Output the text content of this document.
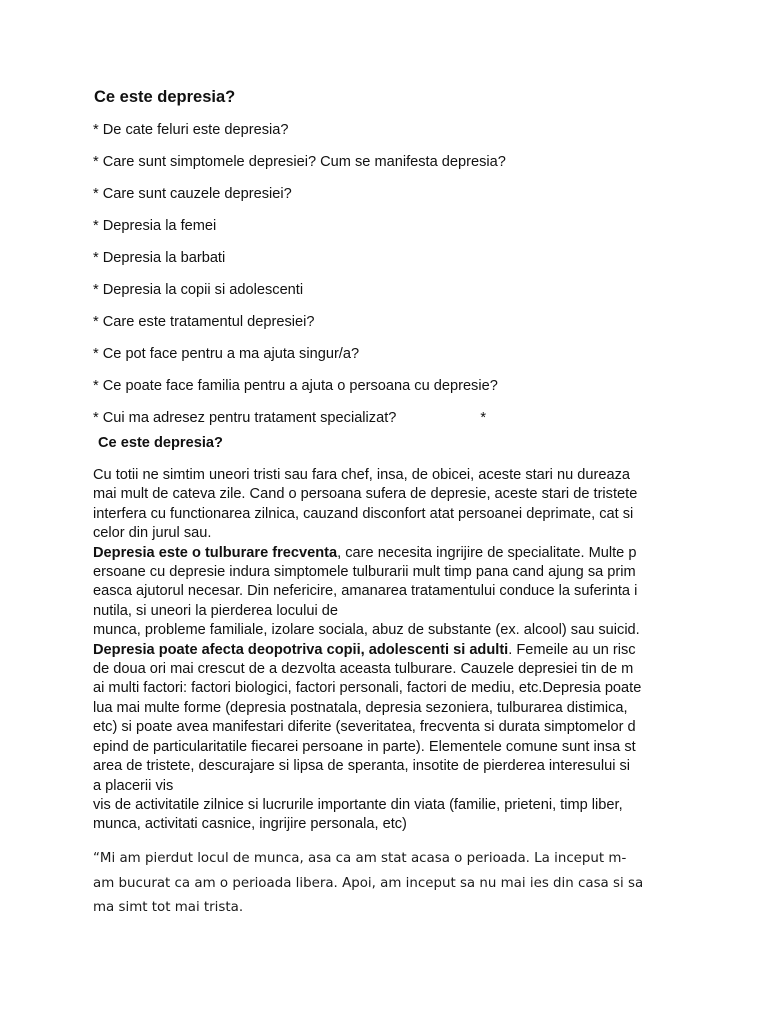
Ce este depresia?
* De cate feluri este depresia?
* Care sunt simptomele depresiei? Cum se manifesta depresia?
* Care sunt cauzele depresiei?
* Depresia la femei
* Depresia la barbati
* Depresia la copii si adolescenti
* Care este tratamentul depresiei?
* Ce pot face pentru a ma ajuta singur/a?
* Ce poate face familia pentru a ajuta o persoana cu depresie?
* Cui ma adresez pentru tratament specializat?	*
Ce este depresia?
Cu totii ne simtim uneori tristi sau fara chef, insa, de obicei, aceste stari nu dureaza
mai mult de cateva zile. Cand o persoana sufera de depresie, aceste stari de tristete
interfera cu functionarea zilnica, cauzand disconfort atat persoanei deprimate, cat si
celor din jurul sau.
Depresia este o tulburare frecventa, care necesita ingrijire de specialitate. Multe p
ersoane cu depresie indura simptomele tulburarii mult timp pana cand ajung sa prim
easca ajutorul necesar. Din nefericire, amanarea tratamentului conduce la suferinta i
nutila, si uneori la pierderea locului de
munca, probleme familiale, izolare sociala, abuz de substante (ex. alcool) sau suicid.
Depresia poate afecta deopotriva copii, adolescenti si adulti. Femeile au un risc
de doua ori mai crescut de a dezvolta aceasta tulburare. Cauzele depresiei tin de m
ai multi factori: factori biologici, factori personali, factori de mediu, etc.Depresia poate
lua mai multe forme (depresia postnatala, depresia sezoniera, tulburarea distimica,
etc) si poate avea manifestari diferite (severitatea, frecventa si durata simptomelor d
epind de particularitatile fiecarei persoane in parte). Elementele comune sunt insa st
area de tristete, descurajare si lipsa de speranta, insotite de pierderea interesului si
a placerii vis
vis de activitatile zilnice si lucrurile importante din viata (familie, prieteni, timp liber,
munca, activitati casnice, ingrijire personala, etc)
“Mi am pierdut locul de munca, asa ca am stat acasa o perioada. La inceput m-
am bucurat ca am o perioada libera. Apoi, am inceput sa nu mai ies din casa si sa
ma simt tot mai trista.
